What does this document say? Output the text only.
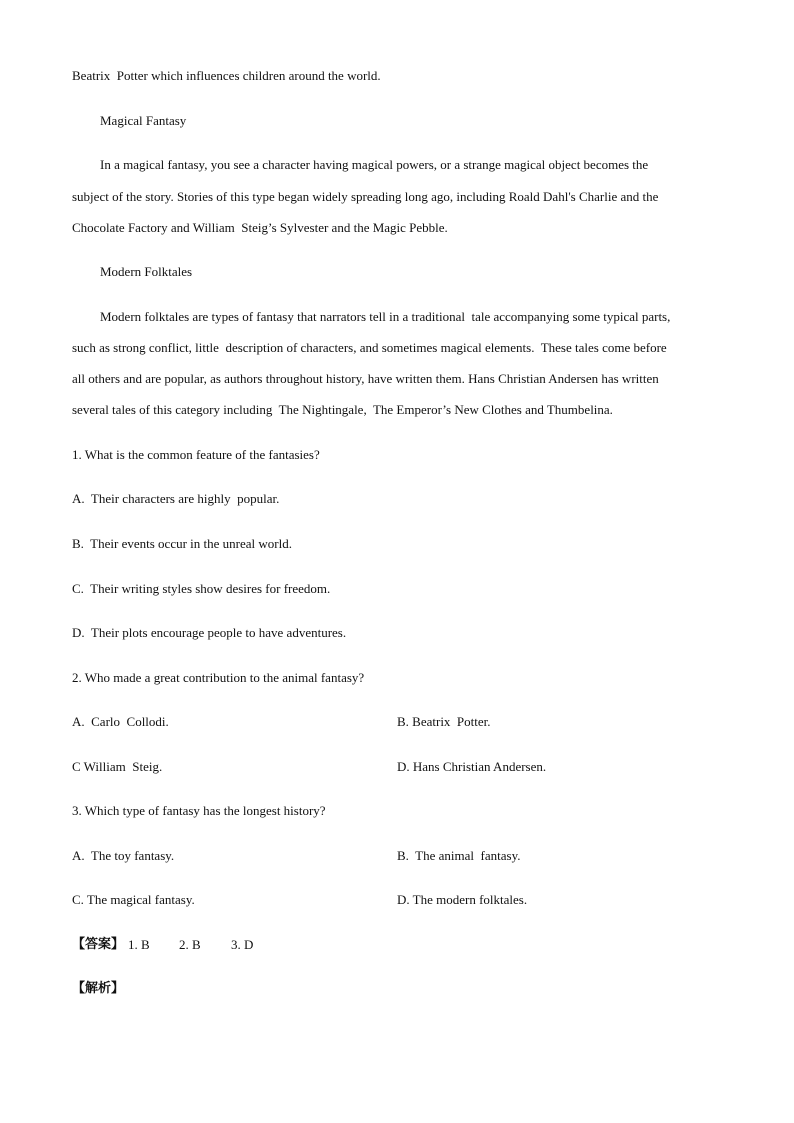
Beatrix  Potter which influences children around the world.
Magical Fantasy
In a magical fantasy, you see a character having magical powers, or a strange magical object becomes the
subject of the story. Stories of this type began widely spreading long ago, including Roald Dahl's Charlie and the
Chocolate Factory and William  Steig’s Sylvester and the Magic Pebble.
Modern Folktales
Modern folktales are types of fantasy that narrators tell in a traditional  tale accompanying some typical parts,
such as strong conflict, little  description of characters, and sometimes magical elements.  These tales come before
all others and are popular, as authors throughout history, have written them. Hans Christian Andersen has written
several tales of this category including  The Nightingale,  The Emperor’s New Clothes and Thumbelina.
1. What is the common feature of the fantasies?
A.  Their characters are highly  popular.
B.  Their events occur in the unreal world.
C.  Their writing styles show desires for freedom.
D.  Their plots encourage people to have adventures.
2. Who made a great contribution to the animal fantasy?
A.  Carlo  Collodi.	B. Beatrix  Potter.
C William  Steig.	D. Hans Christian Andersen.
3. Which type of fantasy has the longest history?
A.  The toy fantasy.	B.  The animal  fantasy.
C. The magical fantasy.	D. The modern folktales.
【答案】 1. B 2. B 3. D
【解析】
